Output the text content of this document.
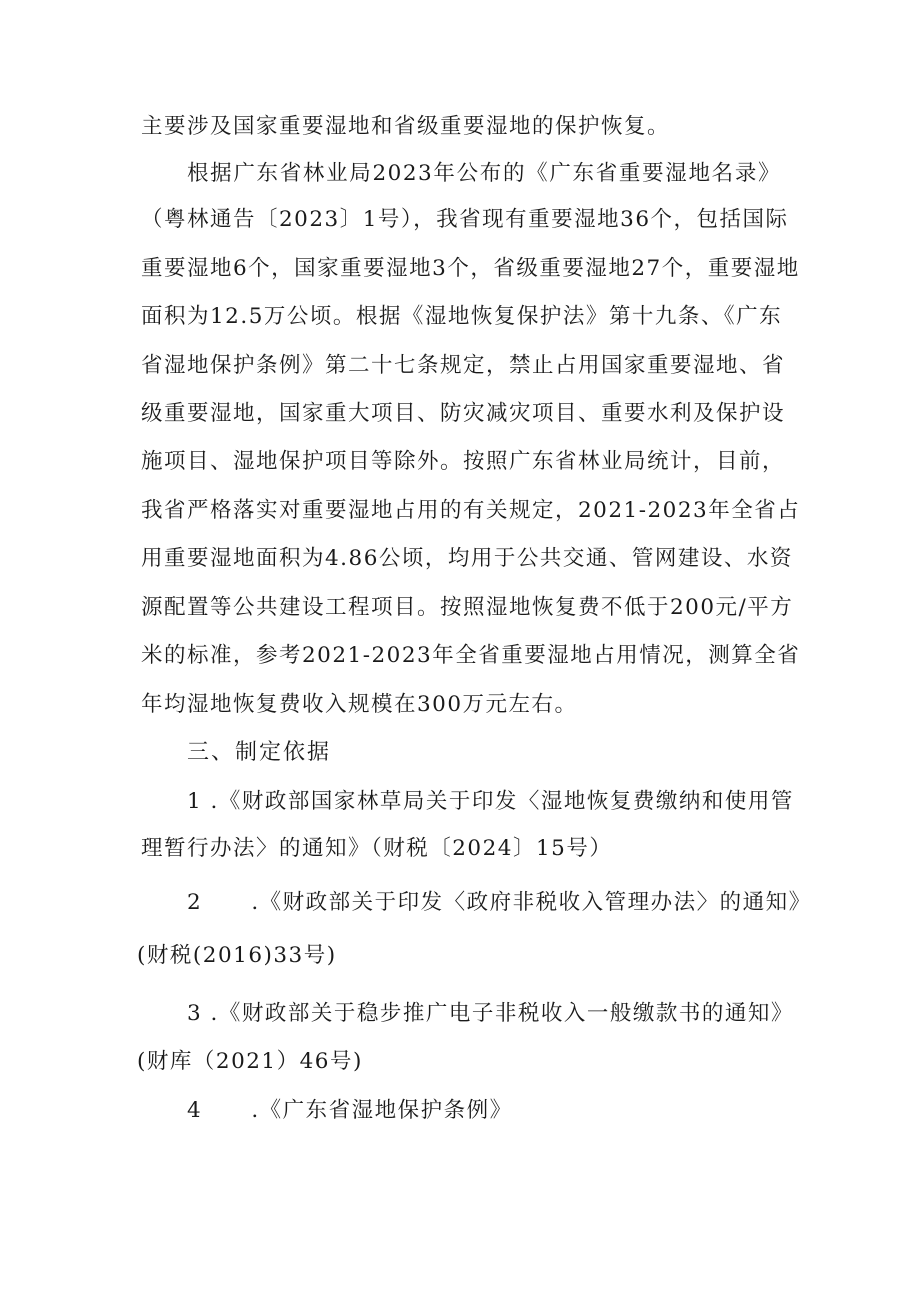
主要涉及国家重要湿地和省级重要湿地的保护恢复。
根据广东省林业局2023年公布的《广东省重要湿地名录》
（粤林通告〔2023〕1号），我省现有重要湿地36个，包括国际
重要湿地6个，国家重要湿地3个，省级重要湿地27个，重要湿地
面积为12.5万公顷。根据《湿地恢复保护法》第十九条、《广东
省湿地保护条例》第二十七条规定，禁止占用国家重要湿地、省
级重要湿地，国家重大项目、防灾减灾项目、重要水利及保护设
施项目、湿地保护项目等除外。按照广东省林业局统计，目前，
我省严格落实对重要湿地占用的有关规定，2021-2023年全省占
用重要湿地面积为4.86公顷，均用于公共交通、管网建设、水资
源配置等公共建设工程项目。按照湿地恢复费不低于200元/平方
米的标准，参考2021-2023年全省重要湿地占用情况，测算全省
年均湿地恢复费收入规模在300万元左右。
三、制定依据
1 .《财政部国家林草局关于印发〈湿地恢复费缴纳和使用管
理暂行办法〉的通知》（财税〔2024〕15号）
2 .《财政部关于印发〈政府非税收入管理办法〉的通知》
(财税(2016)33号)
3 .《财政部关于稳步推广电子非税收入一般缴款书的通知》
(财库（2021）46号)
4 .《广东省湿地保护条例》
